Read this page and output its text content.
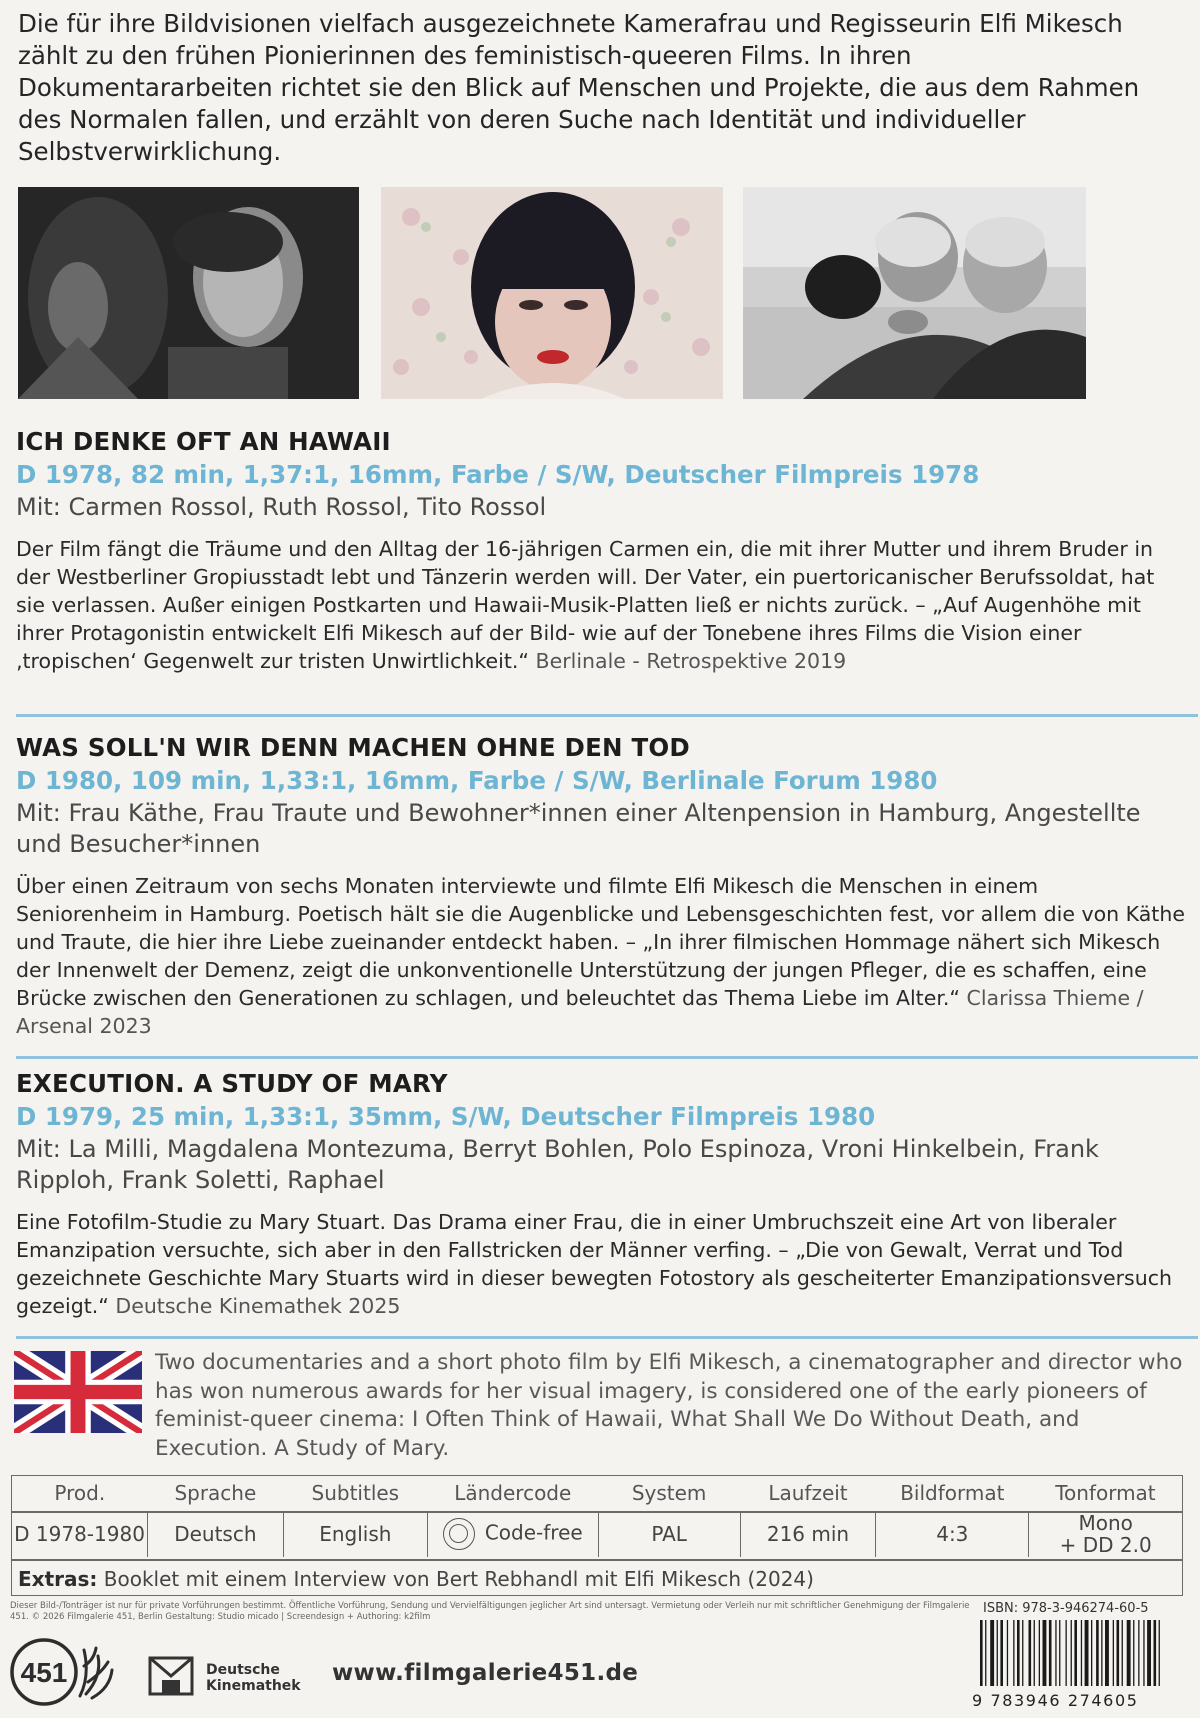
Die für ihre Bildvisionen vielfach ausgezeichnete Kamerafrau und Regisseurin Elfi Mikesch zählt zu den frühen Pionierinnen des feministisch-queeren Films. In ihren Dokumentararbeiten richtet sie den Blick auf Menschen und Projekte, die aus dem Rahmen des Normalen fallen, und erzählt von deren Suche nach Identität und individueller Selbstverwirklichung.

ICH DENKE OFT AN HAWAII

D 1978, 82 min, 1,37:1, 16mm, Farbe / S/W, Deutscher Filmpreis 1978

Mit: Carmen Rossol, Ruth Rossol, Tito Rossol

Der Film fängt die Träume und den Alltag der 16-jährigen Carmen ein, die mit ihrer Mutter und ihrem Bruder in der Westberliner Gropiusstadt lebt und Tänzerin werden will. Der Vater, ein puertoricanischer Berufssoldat, hat sie verlassen. Außer einigen Postkarten und Hawaii-Musik-Platten ließ er nichts zurück. – „Auf Augenhöhe mit ihrer Protagonistin entwickelt Elfi Mikesch auf der Bild- wie auf der Tonebene ihres Films die Vision einer ‚tropischen‘ Gegenwelt zur tristen Unwirtlichkeit.“ Berlinale - Retrospektive 2019

WAS SOLL'N WIR DENN MACHEN OHNE DEN TOD

D 1980, 109 min, 1,33:1, 16mm, Farbe / S/W, Berlinale Forum 1980

Mit: Frau Käthe, Frau Traute und Bewohner*innen einer Altenpension in Hamburg, Angestellte und Besucher*innen

Über einen Zeitraum von sechs Monaten interviewte und filmte Elfi Mikesch die Menschen in einem Seniorenheim in Hamburg. Poetisch hält sie die Augenblicke und Lebensgeschichten fest, vor allem die von Käthe und Traute, die hier ihre Liebe zueinander entdeckt haben. – „In ihrer filmischen Hommage nähert sich Mikesch der Innenwelt der Demenz, zeigt die unkonventionelle Unterstützung der jungen Pfleger, die es schaffen, eine Brücke zwischen den Generationen zu schlagen, und beleuchtet das Thema Liebe im Alter.“ Clarissa Thieme / Arsenal 2023

EXECUTION. A STUDY OF MARY

D 1979, 25 min, 1,33:1, 35mm, S/W, Deutscher Filmpreis 1980

Mit: La Milli, Magdalena Montezuma, Berryt Bohlen, Polo Espinoza, Vroni Hinkelbein, Frank Ripploh, Frank Soletti, Raphael

Eine Fotofilm-Studie zu Mary Stuart. Das Drama einer Frau, die in einer Umbruchszeit eine Art von liberaler Emanzipation versuchte, sich aber in den Fallstricken der Männer verfing. – „Die von Gewalt, Verrat und Tod gezeichnete Geschichte Mary Stuarts wird in dieser bewegten Fotostory als gescheiterter Emanzipationsversuch gezeigt.“ Deutsche Kinemathek 2025

Two documentaries and a short photo film by Elfi Mikesch, a cinematographer and director who has won numerous awards for her visual imagery, is considered one of the early pioneers of feminist-queer cinema: I Often Think of Hawaii, What Shall We Do Without Death, and Execution. A Study of Mary.

Prod.	Sprache	Subtitles	Ländercode	System	Laufzeit	Bildformat	Tonformat
D 1978-1980	Deutsch	English	Code-free	PAL	216 min	4:3	Mono
+ DD 2.0
Extras: Booklet mit einem Interview von Bert Rebhandl mit Elfi Mikesch (2024)

Dieser Bild-/Tonträger ist nur für private Vorführungen bestimmt. Öffentliche Vorführung, Sendung und Vervielfältigungen jeglicher Art sind untersagt. Vermietung oder Verleih nur mit schriftlicher Genehmigung der Filmgalerie 451. © 2026 Filmgalerie 451, Berlin Gestaltung: Studio micado | Screendesign + Authoring: k2film

451	Deutsche
Kinemathek www.filmgalerie451.de
ISBN: 978-3-946274-60-5
9 783946 274605
